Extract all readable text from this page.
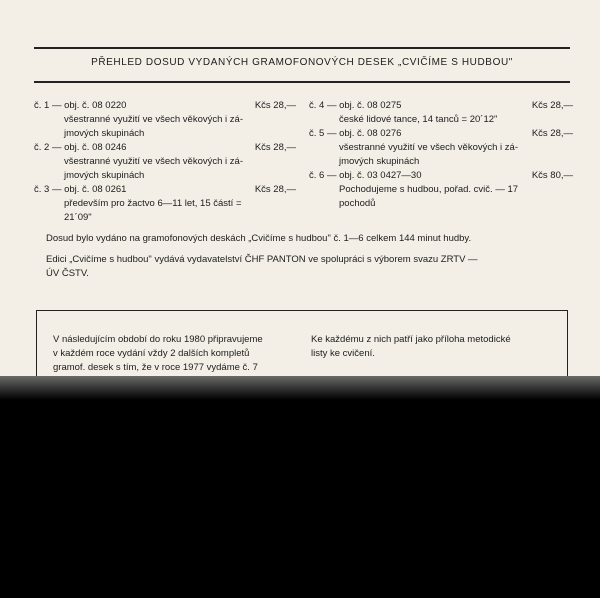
PŘEHLED DOSUD VYDANÝCH GRAMOFONOVÝCH DESEK „CVIČÍME S HUDBOU"
č. 1 — obj. č. 08 0220	Kčs 28,—
všestranné využití ve všech věkových i zá-
jmových skupinách
č. 2 — obj. č. 08 0246	Kčs 28,—
všestranné využití ve všech věkových i zá-
jmových skupinách
č. 3 — obj. č. 08 0261	Kčs 28,—
především pro žactvo 6—11 let, 15 částí =
21´09"
č. 4 — obj. č. 08 0275	Kčs 28,—
české lidové tance, 14 tanců = 20´12"
č. 5 — obj. č. 08 0276	Kčs 28,—
všestranné využití ve všech věkových i zá-
jmových skupinách
č. 6 — obj. č. 03 0427—30	Kčs 80,—
Pochodujeme s hudbou, pořad. cvič. — 17
pochodů
Dosud bylo vydáno na gramofonových deskách „Cvičíme s hudbou" č. 1—6 celkem 144 minut hudby.
Edici „Cvičíme s hudbou" vydává vydavatelství ČHF PANTON ve spolupráci s výborem svazu ZRTV —
ÚV ČSTV.
V následujícím období do roku 1980 připravujeme
v každém roce vydání vždy 2 dalších kompletů
gramof. desek s tím, že v roce 1977 vydáme č. 7
Ke každému z nich patří jako příloha metodické
listy ke cvičení.
